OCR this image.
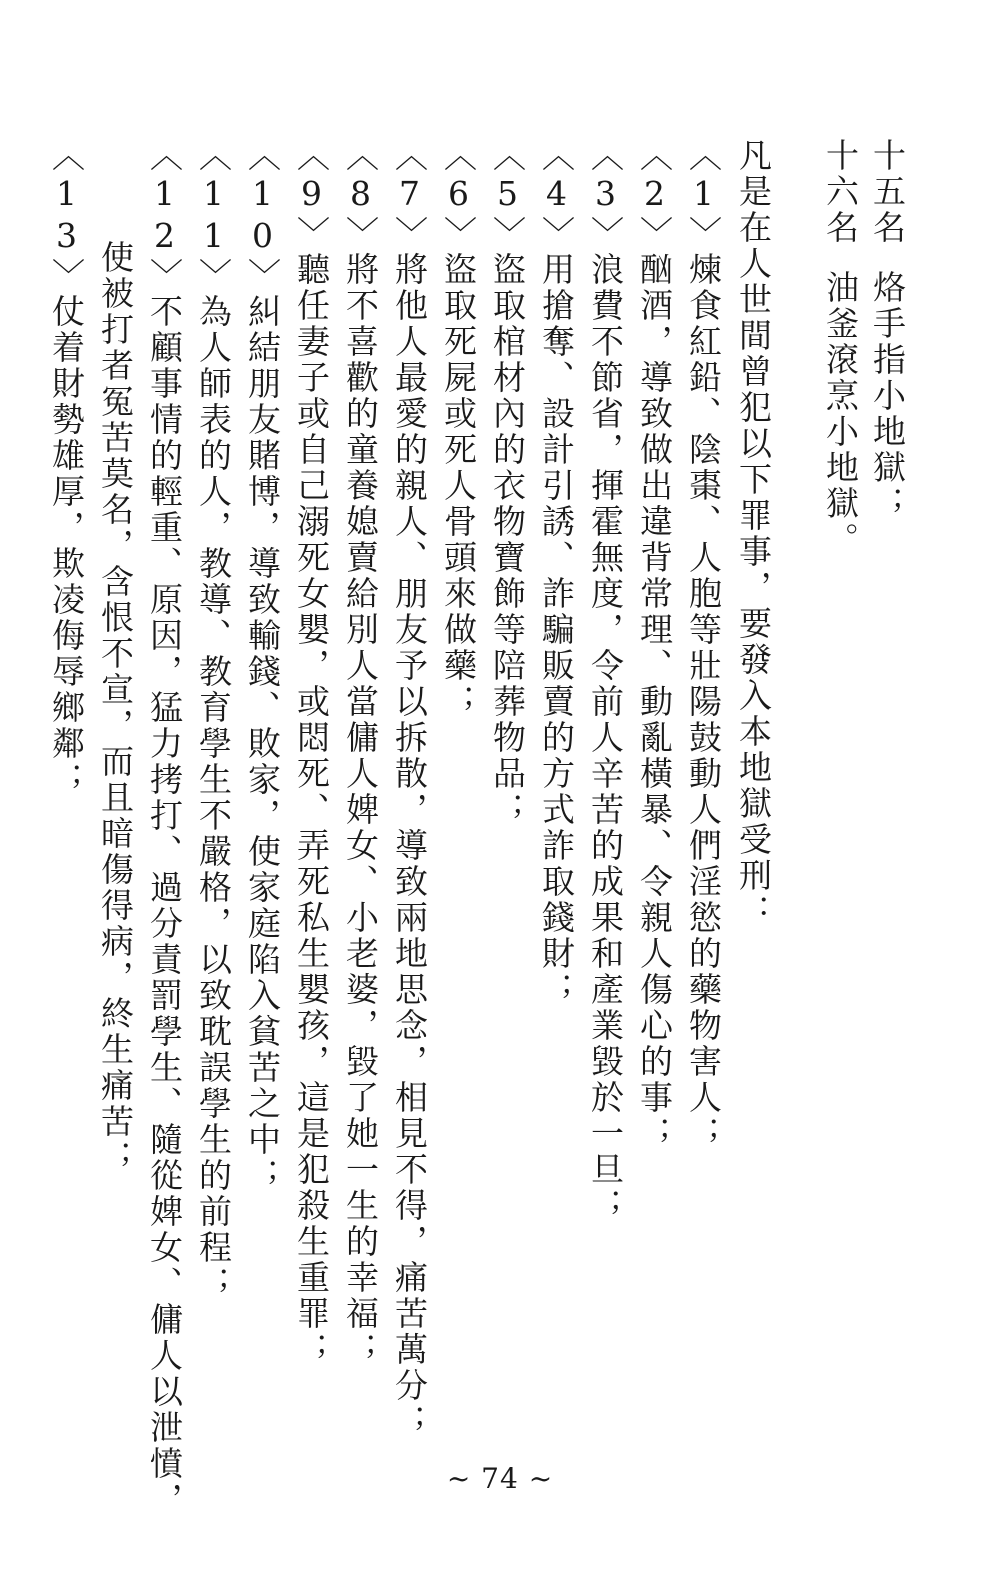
十五名烙手指小地獄；
十六名油釜滾烹小地獄。
凡是在人世間曾犯以下罪事，要發入本地獄受刑：
〈1〉煉食紅鉛、陰棗、人胞等壯陽鼓動人們淫慾的藥物害人；
〈2〉酗酒，導致做出違背常理、動亂橫暴、令親人傷心的事；
〈3〉浪費不節省，揮霍無度，令前人辛苦的成果和產業毀於一旦；
〈4〉用搶奪、設計引誘、詐騙販賣的方式詐取錢財；
〈5〉盜取棺材內的衣物寶飾等陪葬物品；
〈6〉盜取死屍或死人骨頭來做藥；
〈7〉將他人最愛的親人、朋友予以拆散，導致兩地思念，相見不得，痛苦萬分；
〈8〉將不喜歡的童養媳賣給別人當傭人婢女、小老婆，毀了她一生的幸福；
〈9〉聽任妻子或自己溺死女嬰，或悶死、弄死私生嬰孩，這是犯殺生重罪；
〈10〉糾結朋友賭博，導致輸錢、敗家，使家庭陷入貧苦之中；
〈11〉為人師表的人，教導、教育學生不嚴格，以致耽誤學生的前程；
〈12〉不顧事情的輕重、原因，猛力拷打、過分責罰學生、隨從婢女、傭人以泄憤，
使被打者冤苦莫名，含恨不宣，而且暗傷得病，終生痛苦；
〈13〉仗着財勢雄厚，欺凌侮辱鄉鄰；
~ 74 ~
